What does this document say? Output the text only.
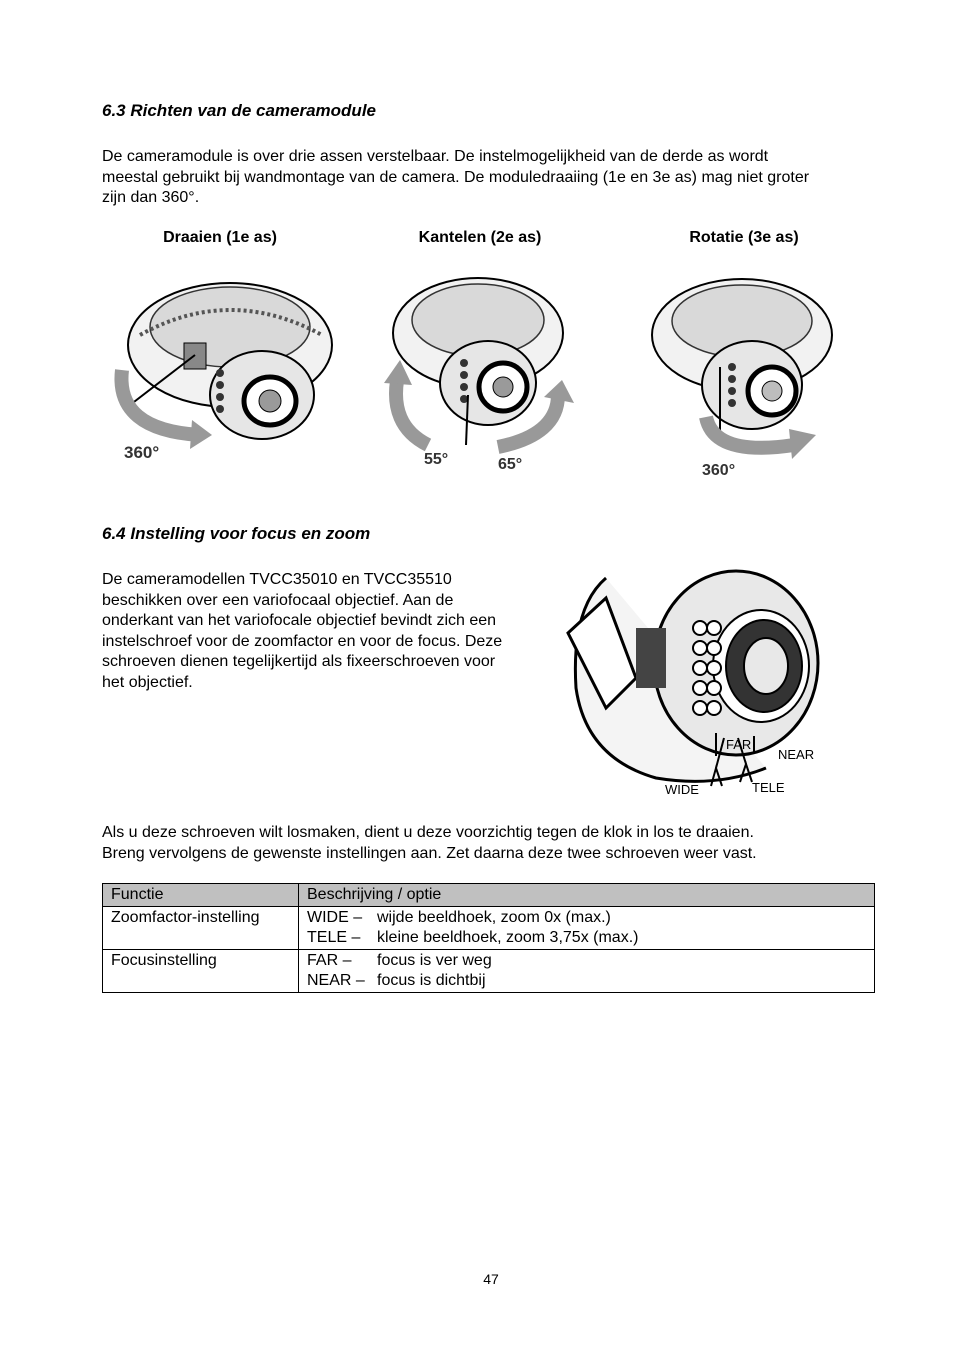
6.3 Richten van de cameramodule
De cameramodule is over drie assen verstelbaar. De instelmogelijkheid van de derde as wordt
meestal gebruikt bij wandmontage van de camera. De moduledraaiing (1e en 3e as) mag niet groter
zijn dan 360°.
Draaien (1e as)	Kantelen (2e as)	Rotatie (3e as)
360°	55°	65°	360°
6.4 Instelling voor focus en zoom
De cameramodellen TVCC35010 en TVCC35510
beschikken over een variofocaal objectief. Aan de
onderkant van het variofocale objectief bevindt zich een
instelschroef voor de zoomfactor en voor de focus. Deze
schroeven dienen tegelijkertijd als fixeerschroeven voor
het objectief.
FAR
NEAR
WIDE	TELE
Als u deze schroeven wilt losmaken, dient u deze voorzichtig tegen de klok in los te draaien.
Breng vervolgens de gewenste instellingen aan. Zet daarna deze twee schroeven weer vast.
Functie	Beschrijving / optie
Zoomfactor-instelling	WIDE – wijde beeldhoek, zoom 0x (max.)
TELE – kleine beeldhoek, zoom 3,75x (max.)

Focusinstelling	FAR – focus is ver weg
NEAR – focus is dichtbij
47
